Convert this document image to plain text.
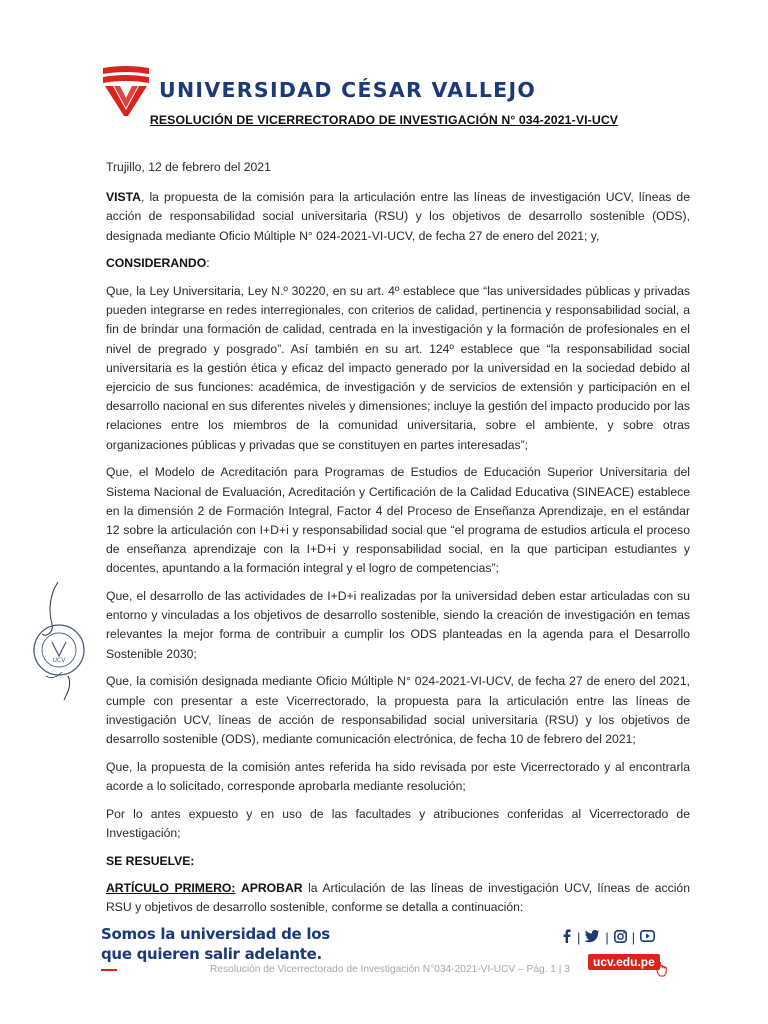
UNIVERSIDAD CÉSAR VALLEJO
RESOLUCIÓN DE VICERRECTORADO DE INVESTIGACIÓN N° 034-2021-VI-UCV

Trujillo, 12 de febrero del 2021

VISTA, la propuesta de la comisión para la articulación entre las líneas de investigación UCV, líneas de acción de responsabilidad social universitaria (RSU) y los objetivos de desarrollo sostenible (ODS), designada mediante Oficio Múltiple N° 024-2021-VI-UCV, de fecha 27 de enero del 2021; y,

CONSIDERANDO:

Que, la Ley Universitaria, Ley N.º 30220, en su art. 4º establece que “las universidades públicas y privadas pueden integrarse en redes interregionales, con criterios de calidad, pertinencia y responsabilidad social, a fin de brindar una formación de calidad, centrada en la investigación y la formación de profesionales en el nivel de pregrado y posgrado”. Así también en su art. 124º establece que “la responsabilidad social universitaria es la gestión ética y eficaz del impacto generado por la universidad en la sociedad debido al ejercicio de sus funciones: académica, de investigación y de servicios de extensión y participación en el desarrollo nacional en sus diferentes niveles y dimensiones; incluye la gestión del impacto producido por las relaciones entre los miembros de la comunidad universitaria, sobre el ambiente, y sobre otras organizaciones públicas y privadas que se constituyen en partes interesadas”;

Que, el Modelo de Acreditación para Programas de Estudios de Educación Superior Universitaria del Sistema Nacional de Evaluación, Acreditación y Certificación de la Calidad Educativa (SINEACE) establece en la dimensión 2 de Formación Integral, Factor 4 del Proceso de Enseñanza Aprendizaje, en el estándar 12 sobre la articulación con I+D+i y responsabilidad social que “el programa de estudios articula el proceso de enseñanza aprendizaje con la I+D+i y responsabilidad social, en la que participan estudiantes y docentes, apuntando a la formación integral y el logro de competencias”;

Que, el desarrollo de las actividades de I+D+i realizadas por la universidad deben estar articuladas con su entorno y vinculadas a los objetivos de desarrollo sostenible, siendo la creación de investigación en temas relevantes la mejor forma de contribuir a cumplir los ODS planteadas en la agenda para el Desarrollo Sostenible 2030;

Que, la comisión designada mediante Oficio Múltiple N° 024-2021-VI-UCV, de fecha 27 de enero del 2021, cumple con presentar a este Vicerrectorado, la propuesta para la articulación entre las líneas de investigación UCV, líneas de acción de responsabilidad social universitaria (RSU) y los objetivos de desarrollo sostenible (ODS), mediante comunicación electrónica, de fecha 10 de febrero del 2021;

Que, la propuesta de la comisión antes referida ha sido revisada por este Vicerrectorado y al encontrarla acorde a lo solicitado, corresponde aprobarla mediante resolución;

Por lo antes expuesto y en uso de las facultades y atribuciones conferidas al Vicerrectorado de Investigación;

SE RESUELVE:

ARTÍCULO PRIMERO: APROBAR la Articulación de las líneas de investigación UCV, líneas de acción RSU y objetivos de desarrollo sostenible, conforme se detalla a continuación:

UCV
Somos la universidad de los
que quieren salir adelante.
Resolución de Vicerrectorado de Investigación N°034-2021-VI-UCV – Pág. 1 | 3
| | |
ucv.edu.pe
